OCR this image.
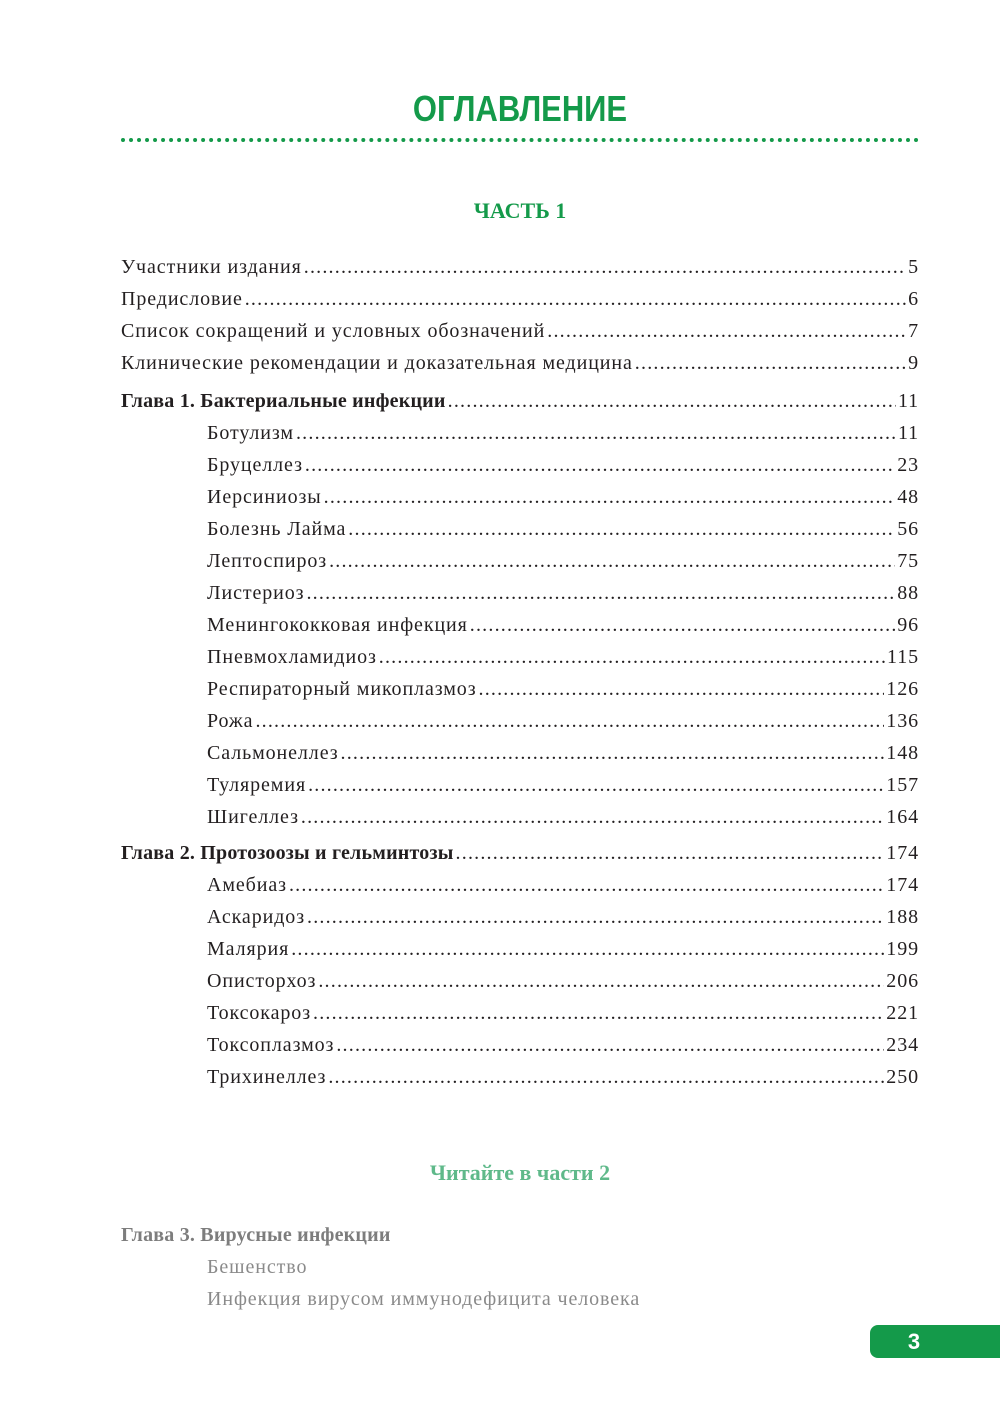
ОГЛАВЛЕНИЕ
ЧАСТЬ 1
Участники издания .....	5
Предисловие .....	6
Список сокращений и условных обозначений .....	7
Клинические рекомендации и доказательная медицина .....	9
Глава 1. Бактериальные инфекции .....	11
Ботулизм .....	11
Бруцеллез .....	23
Иерсиниозы .....	48
Болезнь Лайма .....	56
Лептоспироз .....	75
Листериоз .....	88
Менингококковая инфекция .....	96
Пневмохламидиоз .....	115
Респираторный микоплазмоз .....	126
Рожа .....	136
Сальмонеллез .....	148
Туляремия .....	157
Шигеллез .....	164
Глава 2. Протозоозы и гельминтозы .....	174
Амебиаз .....	174
Аскаридоз .....	188
Малярия .....	199
Описторхоз .....	206
Токсокароз .....	221
Токсоплазмоз .....	234
Трихинеллез .....	250
Читайте в части 2
Глава 3. Вирусные инфекции
Бешенство
Инфекция вирусом иммунодефицита человека
3
